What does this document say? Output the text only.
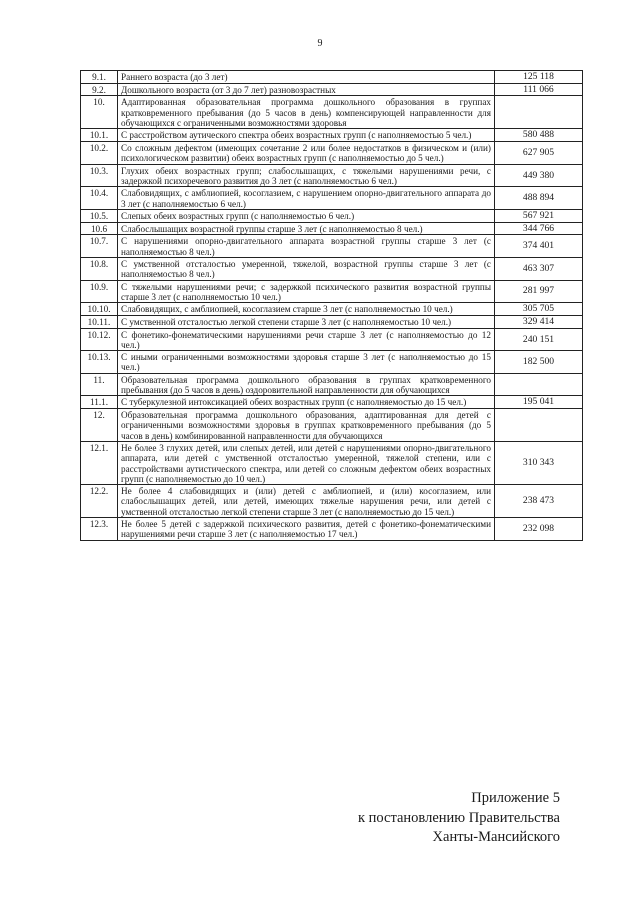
9
9.1.	Раннего возраста (до 3 лет)	125 118
9.2.	Дошкольного возраста (от 3 до 7 лет) разновозрастных	111 066
10.	Адаптированная образовательная программа дошкольного образования в группах кратковременного пребывания (до 5 часов в день) компенсирующей направленности для обучающихся с ограниченными возможностями здоровья	
10.1.	С расстройством аутического спектра обеих возрастных групп (с наполняемостью 5 чел.)	580 488
10.2.	Со сложным дефектом (имеющих сочетание 2 или более недостатков в физическом и (или) психологическом развитии) обеих возрастных групп (с наполняемостью до 5 чел.)	627 905
10.3.	Глухих обеих возрастных групп; слабослышащих, с тяжелыми нарушениями речи, с задержкой психоречевого развития до 3 лет (с наполняемостью 6 чел.)	449 380
10.4.	Слабовидящих, с амблиопией, косоглазием, с нарушением опорно-двигательного аппарата до 3 лет (с наполняемостью 6 чел.)	488 894
10.5.	Слепых обеих возрастных групп (с наполняемостью 6 чел.)	567 921
10.6	Слабослышащих возрастной группы старше 3 лет (с наполняемостью 8 чел.)	344 766
10.7.	С нарушениями опорно-двигательного аппарата возрастной группы старше 3 лет (с наполняемостью 8 чел.)	374 401
10.8.	С умственной отсталостью умеренной, тяжелой, возрастной группы старше 3 лет (с наполняемостью 8 чел.)	463 307
10.9.	С тяжелыми нарушениями речи; с задержкой психического развития возрастной группы старше 3 лет (с наполняемостью 10 чел.)	281 997
10.10.	Слабовидящих, с амблиопией, косоглазием старше 3 лет (с наполняемостью 10 чел.)	305 705
10.11.	С умственной отсталостью легкой степени старше 3 лет (с наполняемостью 10 чел.)	329 414
10.12.	С фонетико-фонематическими нарушениями речи старше 3 лет (с наполняемостью до 12 чел.)	240 151
10.13.	С иными ограниченными возможностями здоровья старше 3 лет (с наполняемостью до 15 чел.)	182 500
11.	Образовательная программа дошкольного образования в группах кратковременного пребывания (до 5 часов в день) оздоровительной направленности для обучающихся	
11.1.	С туберкулезной интоксикацией обеих возрастных групп (с наполняемостью до 15 чел.)	195 041
12.	Образовательная программа дошкольного образования, адаптированная для детей с ограниченными возможностями здоровья в группах кратковременного пребывания (до 5 часов в день) комбинированной направленности для обучающихся	
12.1.	Не более 3 глухих детей, или слепых детей, или детей с нарушениями опорно-двигательного аппарата, или детей с умственной отсталостью умеренной, тяжелой степени, или с расстройствами аутистического спектра, или детей со сложным дефектом обеих возрастных групп (с наполняемостью до 10 чел.)	310 343
12.2.	Не более 4 слабовидящих и (или) детей с амблиопией, и (или) косоглазием, или слабослышащих детей, или детей, имеющих тяжелые нарушения речи, или детей с умственной отсталостью легкой степени старше 3 лет (с наполняемостью до 15 чел.)	238 473
12.3.	Не более 5 детей с задержкой психического развития, детей с фонетико-фонематическими нарушениями речи старше 3 лет (с наполняемостью 17 чел.)	232 098
Приложение 5
к постановлению Правительства
Ханты-Мансийского
